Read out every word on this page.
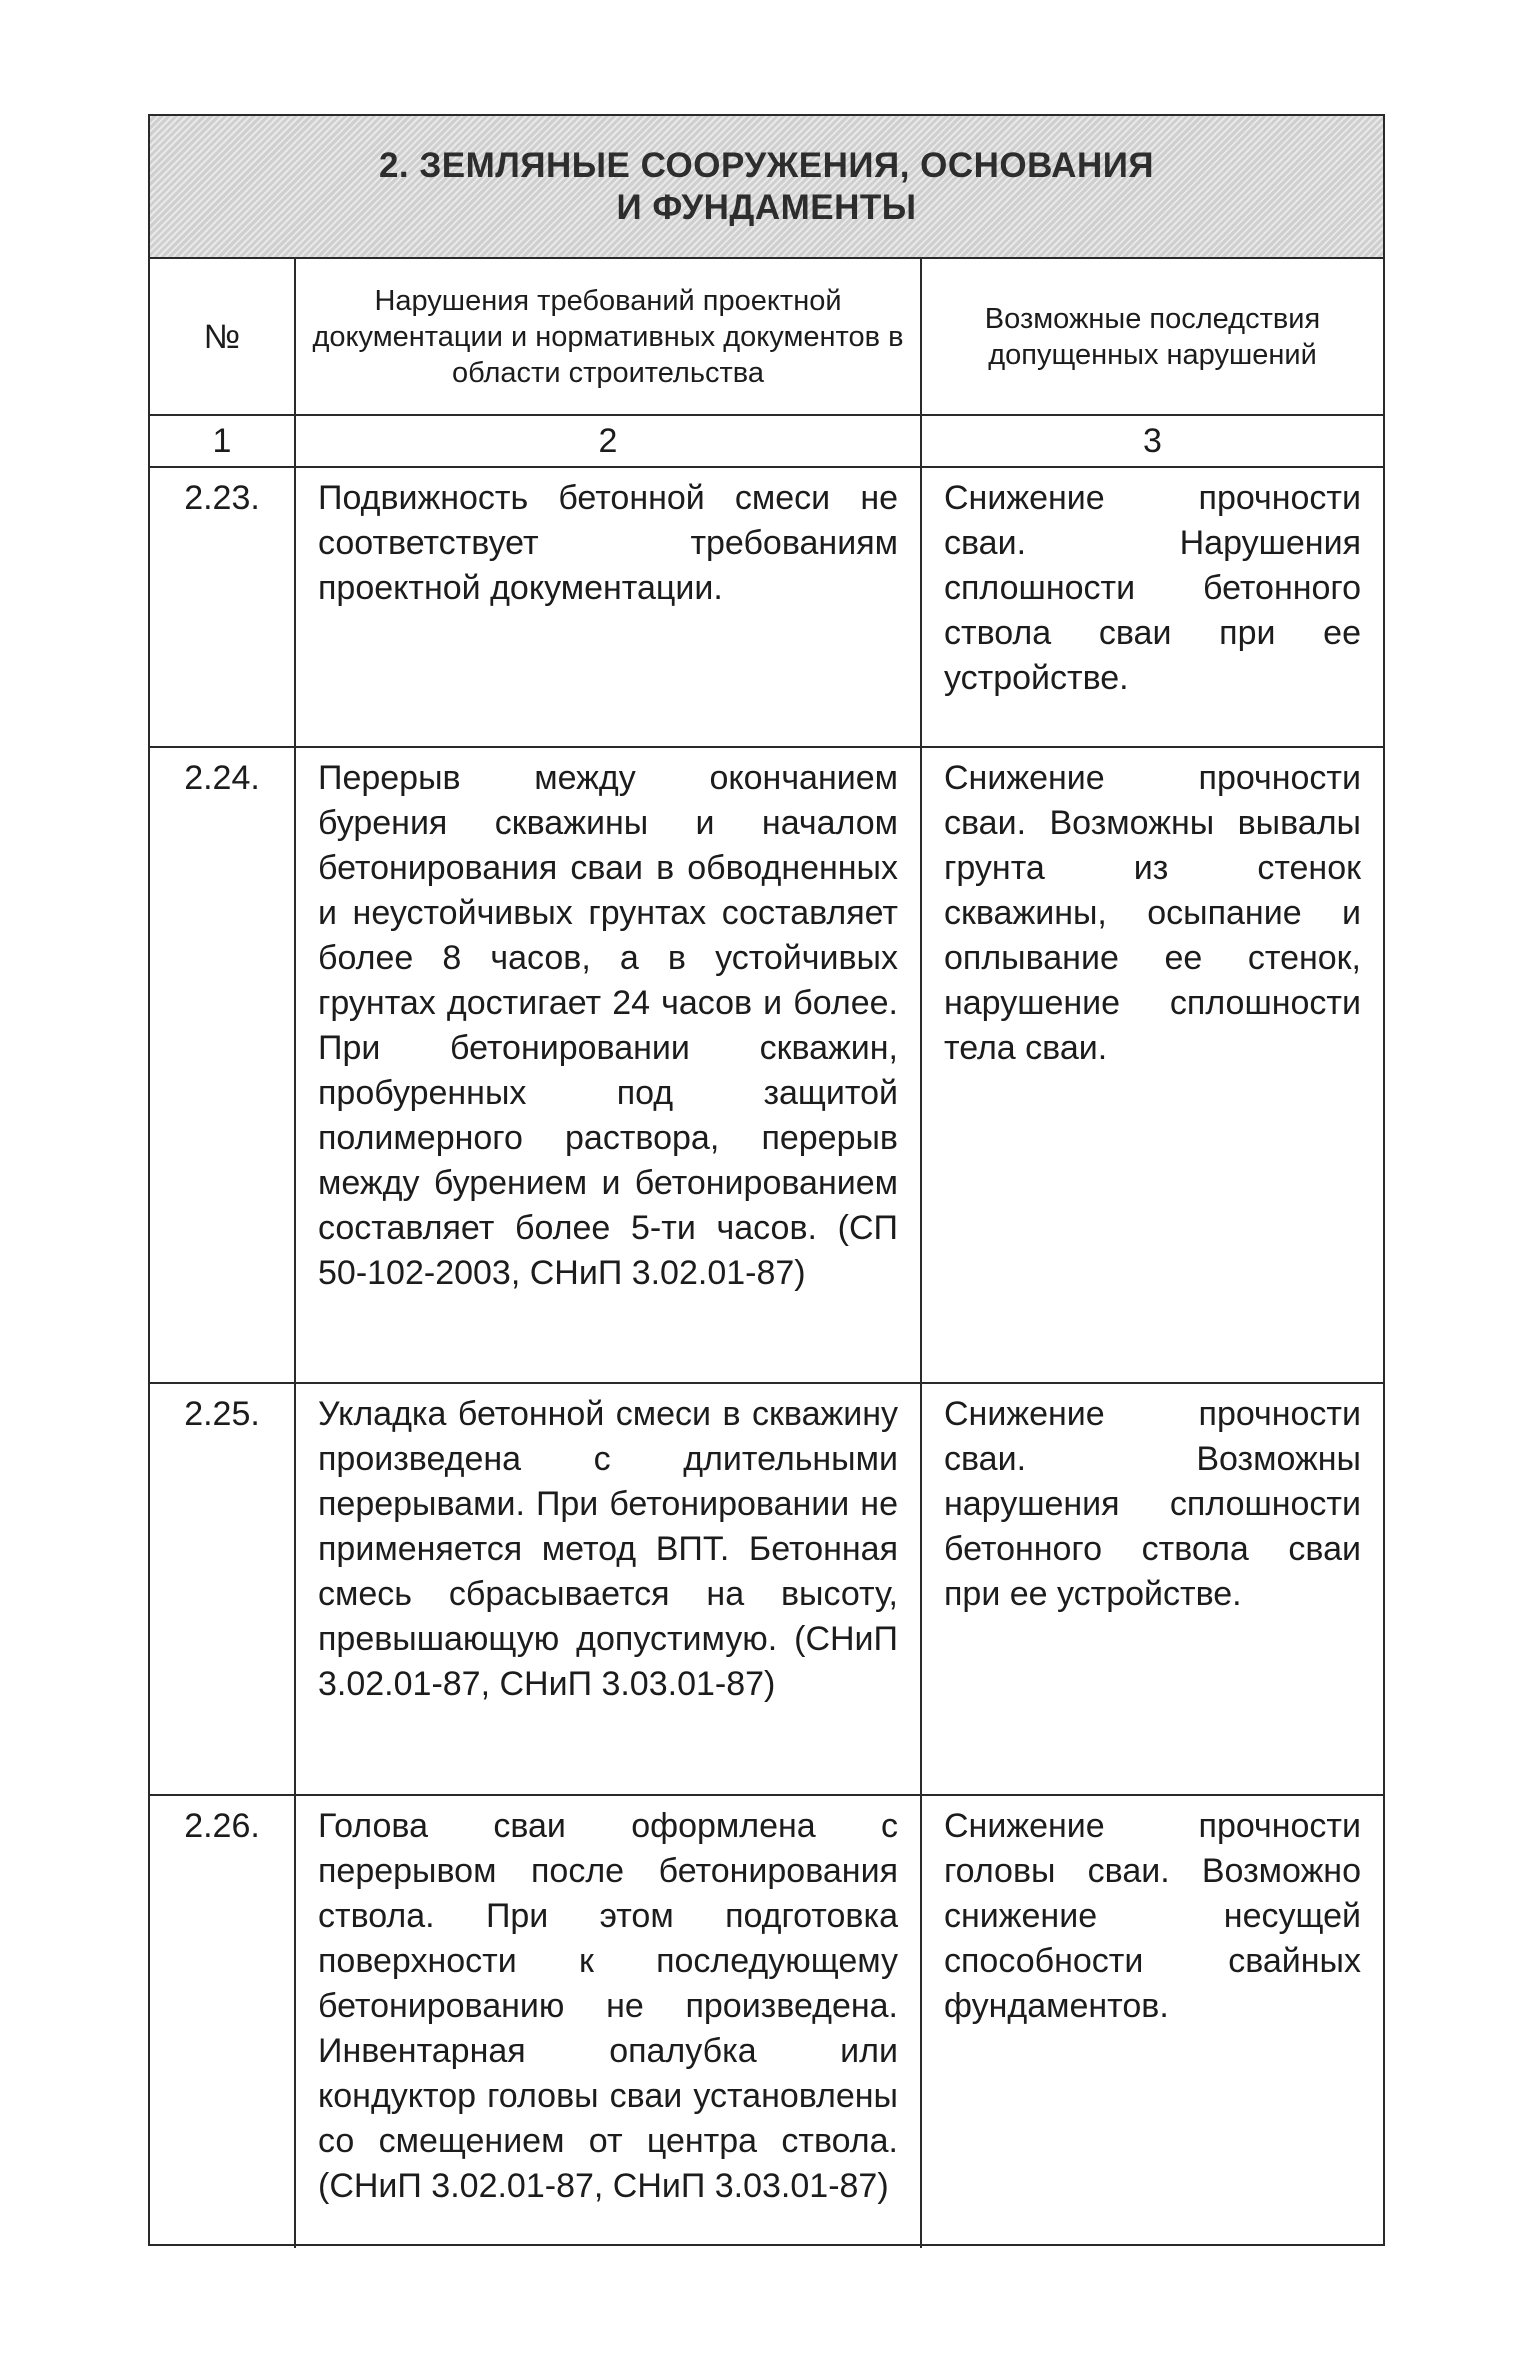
2. ЗЕМЛЯНЫЕ СООРУЖЕНИЯ, ОСНОВАНИЯ
И ФУНДАМЕНТЫ
№	Нарушения требований проектной документации и нормативных документов в области строительства	Возможные последствия допущенных нарушений
1	2	3
2.23.	Подвижность бетонной смеси не соответствует требованиям проектной документации.	Снижение прочности сваи. Нарушения сплошности бетонного ствола сваи при ее устройстве.
2.24.	Перерыв между окончанием бурения скважины и началом бетонирования сваи в обводненных и неустойчивых грунтах составляет более 8 часов, а в устойчивых грунтах достигает 24 часов и более. При бетонировании скважин, пробуренных под защитой полимерного раствора, перерыв между бурением и бетонированием составляет более 5-ти часов. (СП 50-102-2003, СНиП 3.02.01-87)	Снижение прочности сваи. Возможны вывалы грунта из стенок скважины, осыпание и оплывание ее стенок, нарушение сплошности тела сваи.
2.25.	Укладка бетонной смеси в скважину произведена с длительными перерывами. При бетонировании не применяется метод ВПТ. Бетонная смесь сбрасывается на высоту, превышающую допустимую. (СНиП 3.02.01-87, СНиП 3.03.01-87)	Снижение прочности сваи. Возможны нарушения сплошности бетонного ствола сваи при ее устройстве.
2.26.	Голова сваи оформлена с перерывом после бетонирования ствола. При этом подготовка поверхности к последующему бетонированию не произведена. Инвентарная опалубка или кондуктор головы сваи установлены со смещением от центра ствола. (СНиП 3.02.01-87, СНиП 3.03.01-87)	Снижение прочности головы сваи. Возможно снижение несущей способности свайных фундаментов.
